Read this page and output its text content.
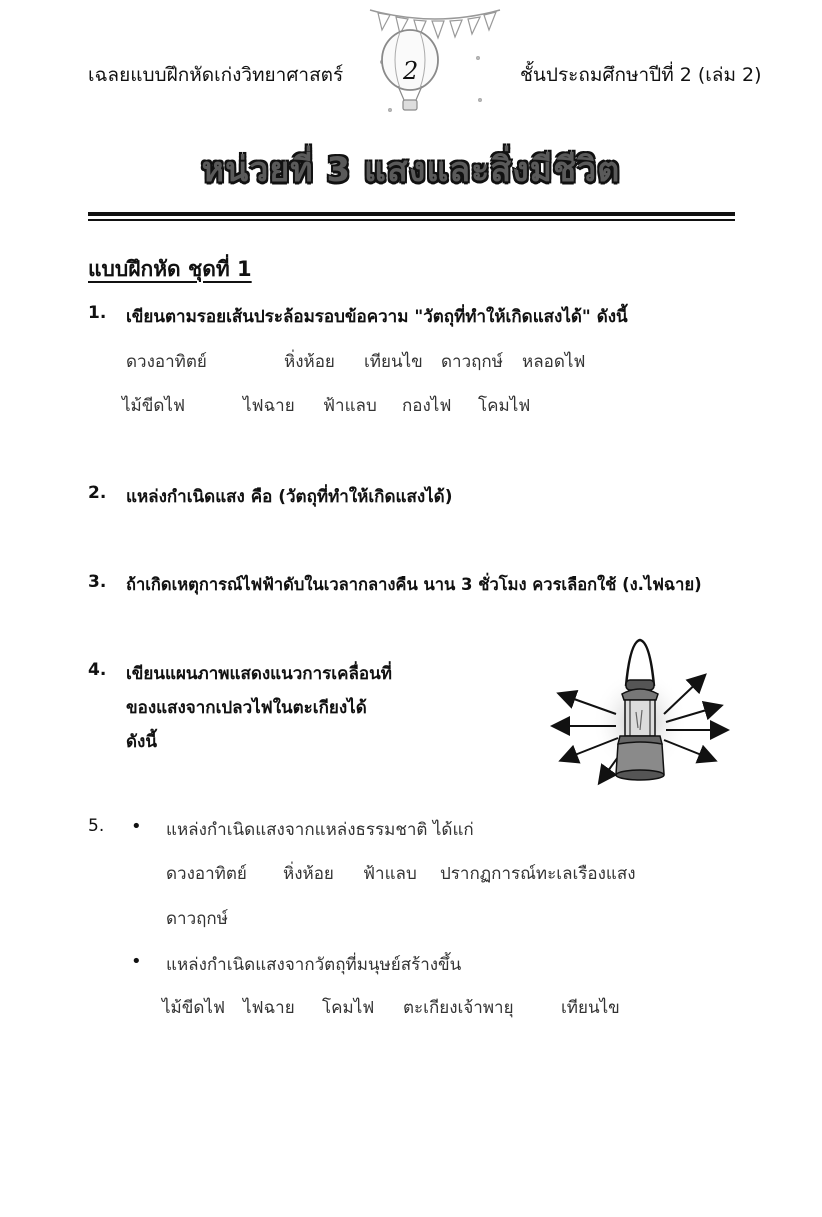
เฉลยแบบฝึกหัดเก่งวิทยาศาสตร์ 2	ชั้นประถมศึกษาปีที่ 2 (เล่ม 2)
หน่วยที่ 3 แสงและสิ่งมีชีวิต
แบบฝึกหัด ชุดที่ 1
1. เขียนตามรอยเส้นประล้อมรอบข้อความ "วัตถุที่ทำให้เกิดแสงได้" ดังนี้
ดวงอาทิตย์	หิ่งห้อย เทียนไข ดาวฤกษ์ หลอดไฟ
ไม้ขีดไฟ	ไฟฉาย ฟ้าแลบ กองไฟ โคมไฟ
2. แหล่งกำเนิดแสง คือ (วัตถุที่ทำให้เกิดแสงได้)
3. ถ้าเกิดเหตุการณ์ไฟฟ้าดับในเวลากลางคืน นาน 3 ชั่วโมง ควรเลือกใช้ (ง.ไฟฉาย)
4. เขียนแผนภาพแสดงแนวการเคลื่อนที่
ของแสงจากเปลวไฟในตะเกียงได้
ดังนี้
5. • แหล่งกำเนิดแสงจากแหล่งธรรมชาติ ได้แก่
ดวงอาทิตย์ หิ่งห้อย ฟ้าแลบ ปรากฏการณ์ทะเลเรืองแสง
ดาวฤกษ์
• แหล่งกำเนิดแสงจากวัตถุที่มนุษย์สร้างขึ้น
ไม้ขีดไฟ ไฟฉาย โคมไฟ ตะเกียงเจ้าพายุ	เทียนไข
